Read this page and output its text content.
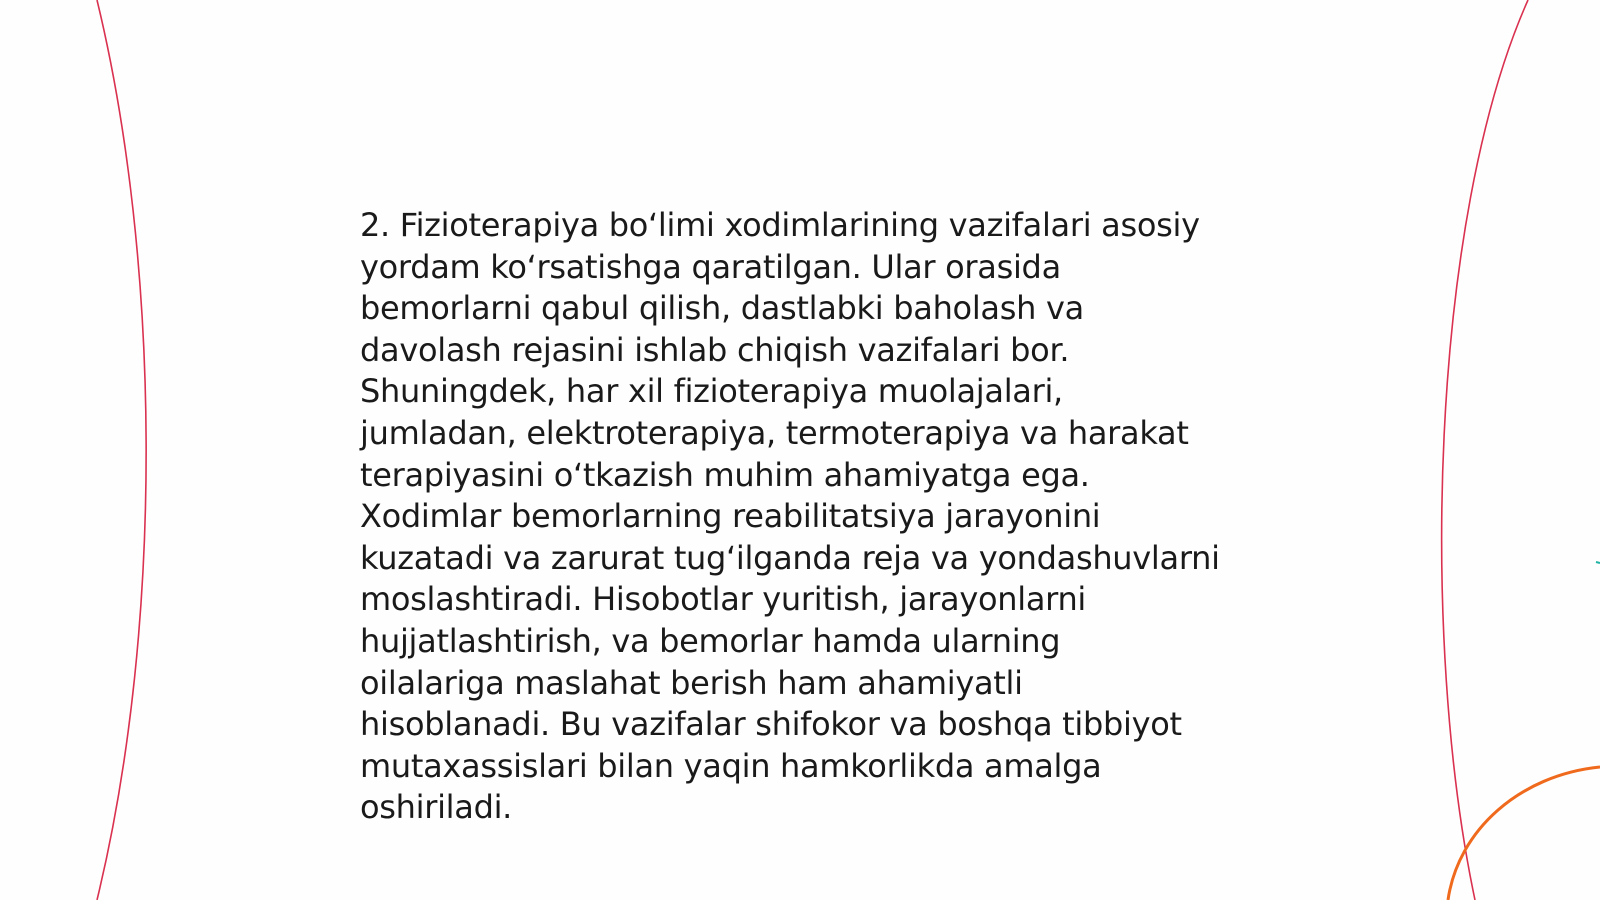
2. Fizioterapiya bo‘limi xodimlarining vazifalari asosiy
yordam ko‘rsatishga qaratilgan. Ular orasida
bemorlarni qabul qilish, dastlabki baholash va
davolash rejasini ishlab chiqish vazifalari bor.
Shuningdek, har xil fizioterapiya muolajalari,
jumladan, elektroterapiya, termoterapiya va harakat
terapiyasini o‘tkazish muhim ahamiyatga ega.
Xodimlar bemorlarning reabilitatsiya jarayonini
kuzatadi va zarurat tug‘ilganda reja va yondashuvlarni
moslashtiradi. Hisobotlar yuritish, jarayonlarni
hujjatlashtirish, va bemorlar hamda ularning
oilalariga maslahat berish ham ahamiyatli
hisoblanadi. Bu vazifalar shifokor va boshqa tibbiyot
mutaxassislari bilan yaqin hamkorlikda amalga
oshiriladi.
